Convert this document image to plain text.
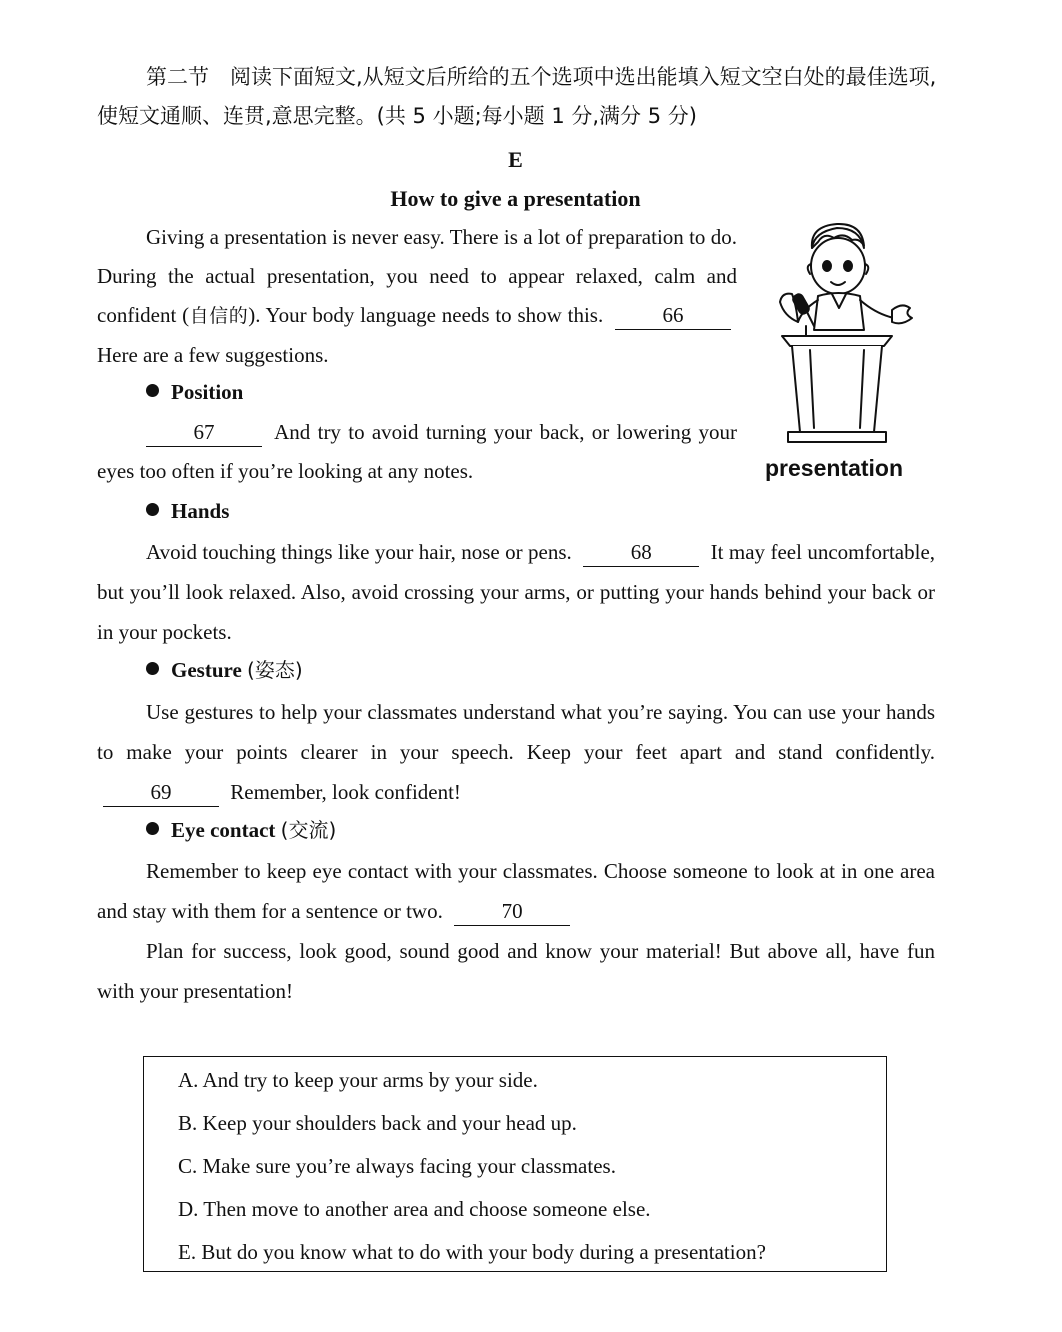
第二节　阅读下面短文,从短文后所给的五个选项中选出能填入短文空白处的最佳选项,使短文通顺、连贯,意思完整。(共 5 小题;每小题 1 分,满分 5 分)

E

How to give a presentation

Giving a presentation is never easy. There is a lot of preparation to do. During the actual presentation, you need to appear relaxed, calm and confident (自信的). Your body language needs to show this.	66 Here are a few suggestions.

Position

67	And try to avoid turning your back, or lowering your eyes too often if you’re looking at any notes.	presentation

Hands

Avoid touching things like your hair, nose or pens.	68	It may feel uncomfortable, but you’ll look relaxed. Also, avoid crossing your arms, or putting your hands behind your back or in your pockets.

Gesture (姿态)

Use gestures to help your classmates understand what you’re saying. You can use your hands to make your points clearer in your speech. Keep your feet apart and stand confidently. 69	Remember, look confident!

Eye contact (交流)

Remember to keep eye contact with your classmates. Choose someone to look at in one area and stay with them for a sentence or two.	70

Plan for success, look good, sound good and know your material! But above all, have fun with your presentation!

A. And try to keep your arms by your side.

B. Keep your shoulders back and your head up.

C. Make sure you’re always facing your classmates.

D. Then move to another area and choose someone else.

E. But do you know what to do with your body during a presentation?
